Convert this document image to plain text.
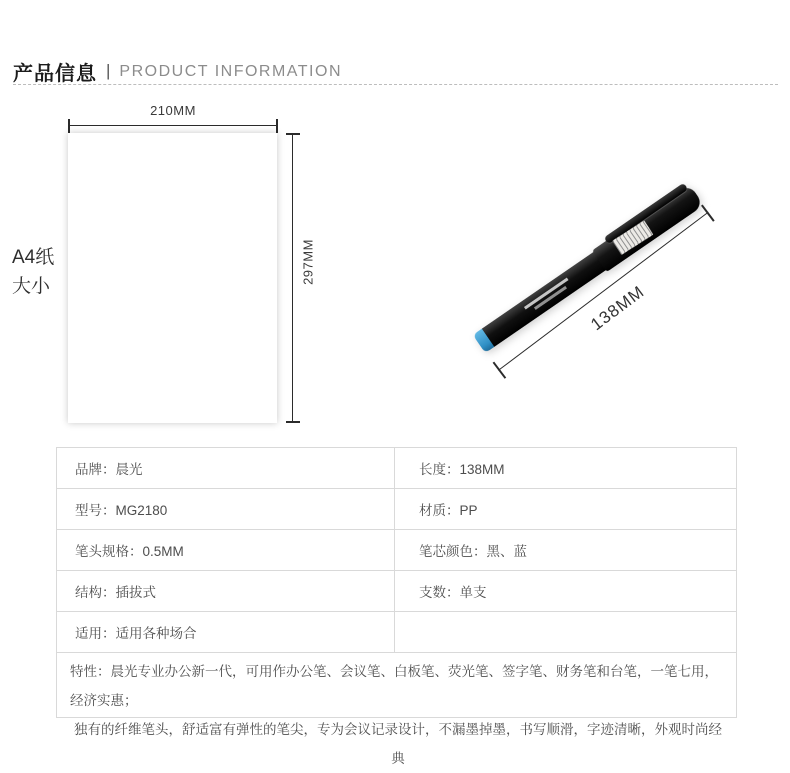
产品信息 | PRODUCT INFORMATION
A4纸
大小
210MM
297MM
138MM
品牌：晨光	长度：138MM
型号：MG2180	材质：PP
笔头规格：0.5MM	笔芯颜色：黑、蓝
结构：插拔式	支数：单支
适用：适用各种场合
特性：晨光专业办公新一代，可用作办公笔、会议笔、白板笔、荧光笔、签字笔、财务笔和台笔，一笔七用，经济实惠；
独有的纤维笔头，舒适富有弹性的笔尖，专为会议记录设计，不漏墨掉墨，书写顺滑，字迹清晰，外观时尚经典
